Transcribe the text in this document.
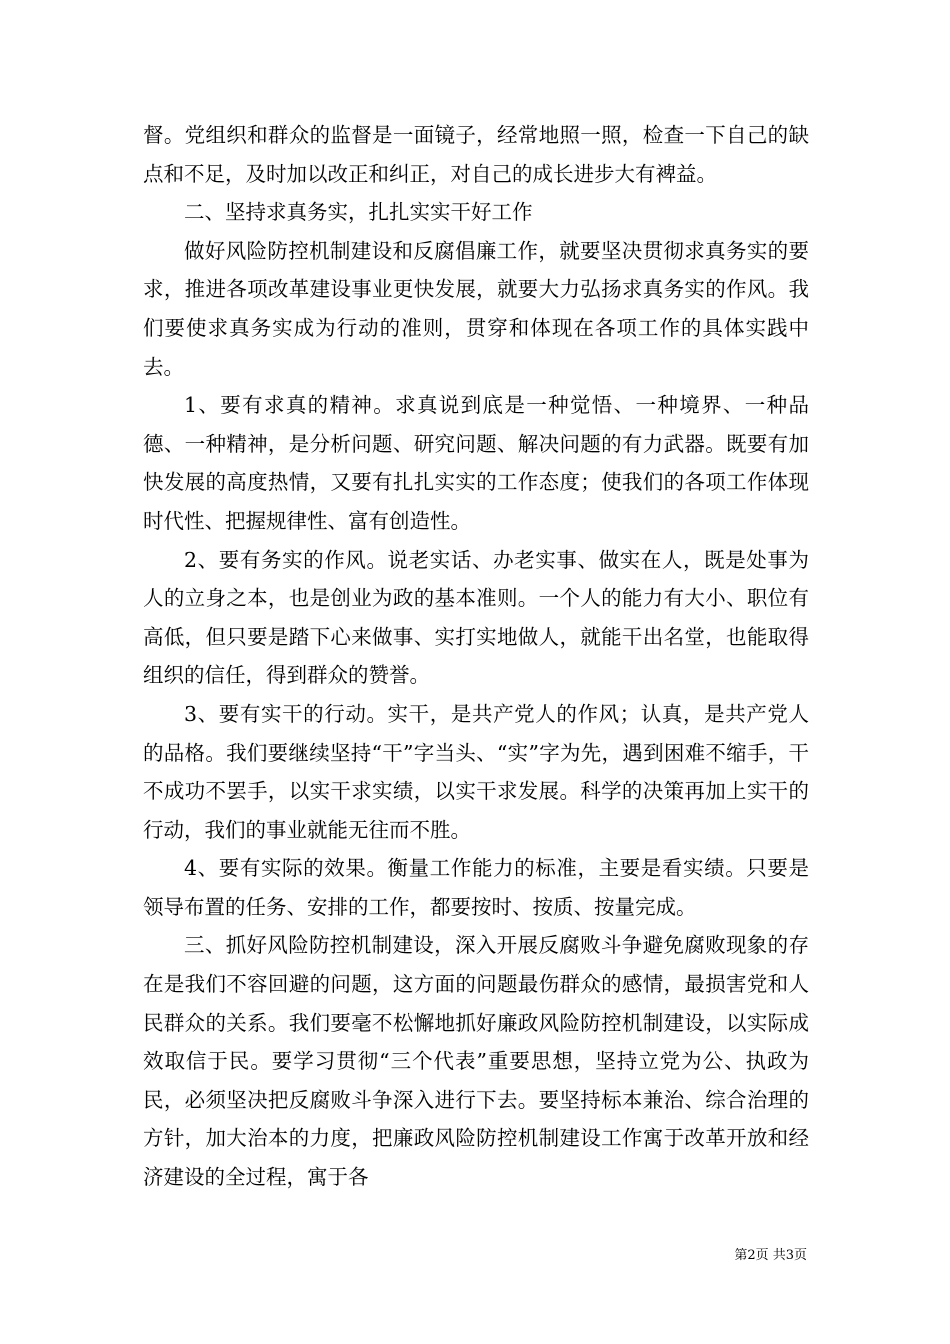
督。党组织和群众的监督是一面镜子，经常地照一照，检查一下自己的缺点和不足，及时加以改正和纠正，对自己的成长进步大有裨益。

二、坚持求真务实，扎扎实实干好工作

做好风险防控机制建设和反腐倡廉工作，就要坚决贯彻求真务实的要求，推进各项改革建设事业更快发展，就要大力弘扬求真务实的作风。我们要使求真务实成为行动的准则，贯穿和体现在各项工作的具体实践中去。

1、要有求真的精神。求真说到底是一种觉悟、一种境界、一种品德、一种精神，是分析问题、研究问题、解决问题的有力武器。既要有加快发展的高度热情，又要有扎扎实实的工作态度；使我们的各项工作体现时代性、把握规律性、富有创造性。

2、要有务实的作风。说老实话、办老实事、做实在人，既是处事为人的立身之本，也是创业为政的基本准则。一个人的能力有大小、职位有高低，但只要是踏下心来做事、实打实地做人，就能干出名堂，也能取得组织的信任，得到群众的赞誉。

3、要有实干的行动。实干，是共产党人的作风；认真，是共产党人的品格。我们要继续坚持“干”字当头、“实”字为先，遇到困难不缩手，干不成功不罢手，以实干求实绩，以实干求发展。科学的决策再加上实干的行动，我们的事业就能无往而不胜。

4、要有实际的效果。衡量工作能力的标准，主要是看实绩。只要是领导布置的任务、安排的工作，都要按时、按质、按量完成。

三、抓好风险防控机制建设，深入开展反腐败斗争避免腐败现象的存在是我们不容回避的问题，这方面的问题最伤群众的感情，最损害党和人民群众的关系。我们要毫不松懈地抓好廉政风险防控机制建设，以实际成效取信于民。要学习贯彻“三个代表”重要思想，坚持立党为公、执政为民，必须坚决把反腐败斗争深入进行下去。要坚持标本兼治、综合治理的方针，加大治本的力度，把廉政风险防控机制建设工作寓于改革开放和经济建设的全过程，寓于各

第2页 共3页
